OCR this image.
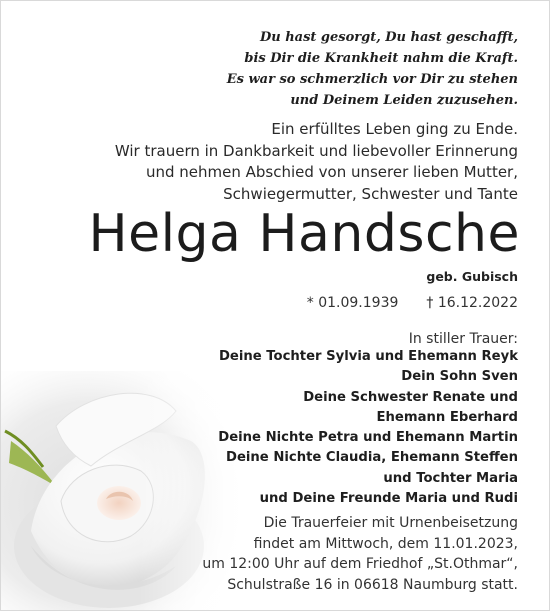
Du hast gesorgt, Du hast geschafft,
bis Dir die Krankheit nahm die Kraft.
Es war so schmerzlich vor Dir zu stehen
und Deinem Leiden zuzusehen.
Ein erfülltes Leben ging zu Ende.
Wir trauern in Dankbarkeit und liebevoller Erinnerung
und nehmen Abschied von unserer lieben Mutter,
Schwiegermutter, Schwester und Tante
Helga Handsche
geb. Gubisch
* 01.09.1939 † 16.12.2022
In stiller Trauer:
Deine Tochter Sylvia und Ehemann Reyk
Dein Sohn Sven
Deine Schwester Renate und
Ehemann Eberhard
Deine Nichte Petra und Ehemann Martin
Deine Nichte Claudia, Ehemann Steffen
und Tochter Maria
und Deine Freunde Maria und Rudi
Die Trauerfeier mit Urnenbeisetzung
findet am Mittwoch, dem 11.01.2023,
um 12:00 Uhr auf dem Friedhof „St.Othmar“,
Schulstraße 16 in 06618 Naumburg statt.
